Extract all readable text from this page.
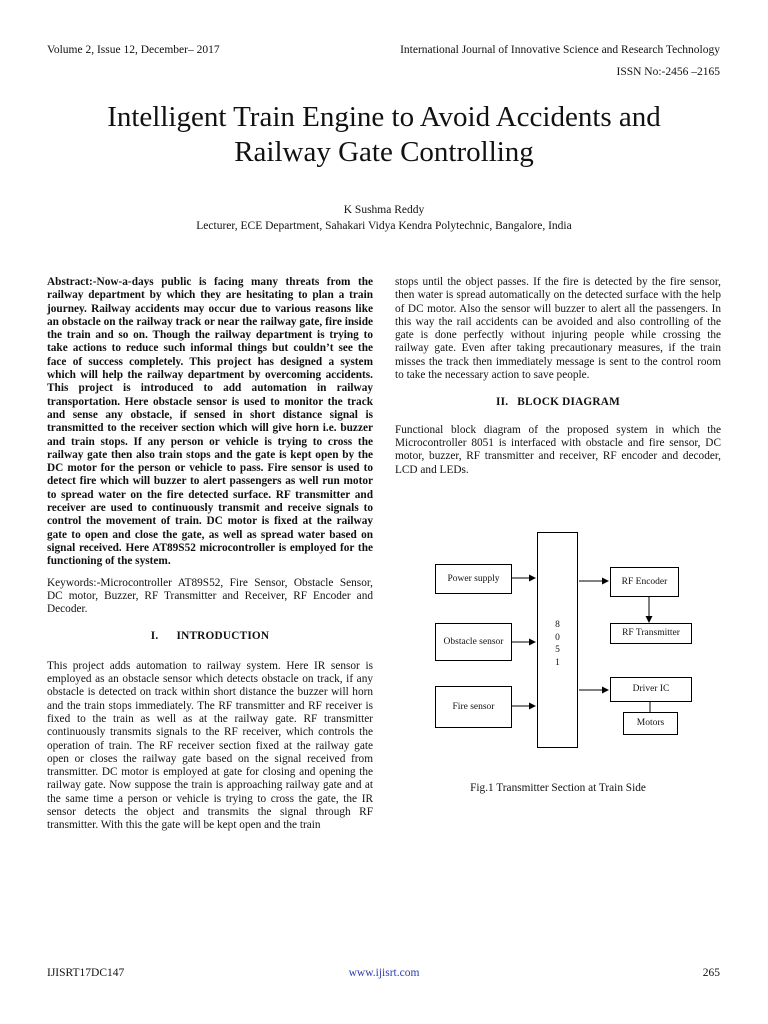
Volume 2, Issue 12, December– 2017	International Journal of Innovative Science and Research Technology
ISSN No:-2456 –2165
Intelligent Train Engine to Avoid Accidents and Railway Gate Controlling
K Sushma Reddy
Lecturer, ECE Department, Sahakari Vidya Kendra Polytechnic, Bangalore, India

Abstract:-Now-a-days public is facing many threats from the railway department by which they are hesitating to plan a train journey. Railway accidents may occur due to various reasons like an obstacle on the railway track or near the railway gate, fire inside the train and so on. Though the railway department is trying to take actions to reduce such informal things but couldn’t see the face of success completely. This project has designed a system which will help the railway department by overcoming accidents. This project is introduced to add automation in railway transportation. Here obstacle sensor is used to monitor the track and sense any obstacle, if sensed in short distance signal is transmitted to the receiver section which will give horn i.e. buzzer and train stops. If any person or vehicle is trying to cross the railway gate then also train stops and the gate is kept open by the DC motor for the person or vehicle to pass. Fire sensor is used to detect fire which will buzzer to alert passengers as well run motor to spread water on the fire detected surface. RF transmitter and receiver are used to continuously transmit and receive signals to control the movement of train. DC motor is fixed at the railway gate to open and close the gate, as well as spread water based on signal received. Here AT89S52 microcontroller is employed for the functioning of the system.

Keywords:-Microcontroller AT89S52, Fire Sensor, Obstacle Sensor, DC motor, Buzzer, RF Transmitter and Receiver, RF Encoder and Decoder.

I.      INTRODUCTION

This project adds automation to railway system. Here IR sensor is employed as an obstacle sensor which detects obstacle on track, if any obstacle is detected on track within short distance the buzzer will horn and the train stops immediately. The RF transmitter and RF receiver is fixed to the train as well as at the railway gate. RF transmitter continuously transmits signals to the RF receiver, which controls the operation of train. The RF receiver section fixed at the railway gate open or closes the railway gate based on the signal received from transmitter. DC motor is employed at gate for closing and opening the railway gate. Now suppose the train is approaching railway gate and at the same time a person or vehicle is trying to cross the gate, the IR sensor detects the object and transmits the signal through RF transmitter. With this the gate will be kept open and the train

stops until the object passes. If the fire is detected by the fire sensor, then water is spread automatically on the detected surface with the help of DC motor. Also the sensor will buzzer to alert all the passengers. In this way the rail accidents can be avoided and also controlling of the gate is done perfectly without injuring people while crossing the railway gate. Even after taking precautionary measures, if the train misses the track then immediately message is sent to the control room to take the necessary action to save people.

II.   BLOCK DIAGRAM

Functional block diagram of the proposed system in which the Microcontroller 8051 is interfaced with obstacle and fire sensor, DC motor, buzzer, RF transmitter and receiver, RF encoder and decoder, LCD and LEDs.

Power supply
Obstacle sensor
Fire sensor
8
0
5
1
RF Encoder
RF Transmitter
Driver IC
Motors
Fig.1 Transmitter Section at Train Side
IJISRT17DC147	www.ijisrt.com	265
